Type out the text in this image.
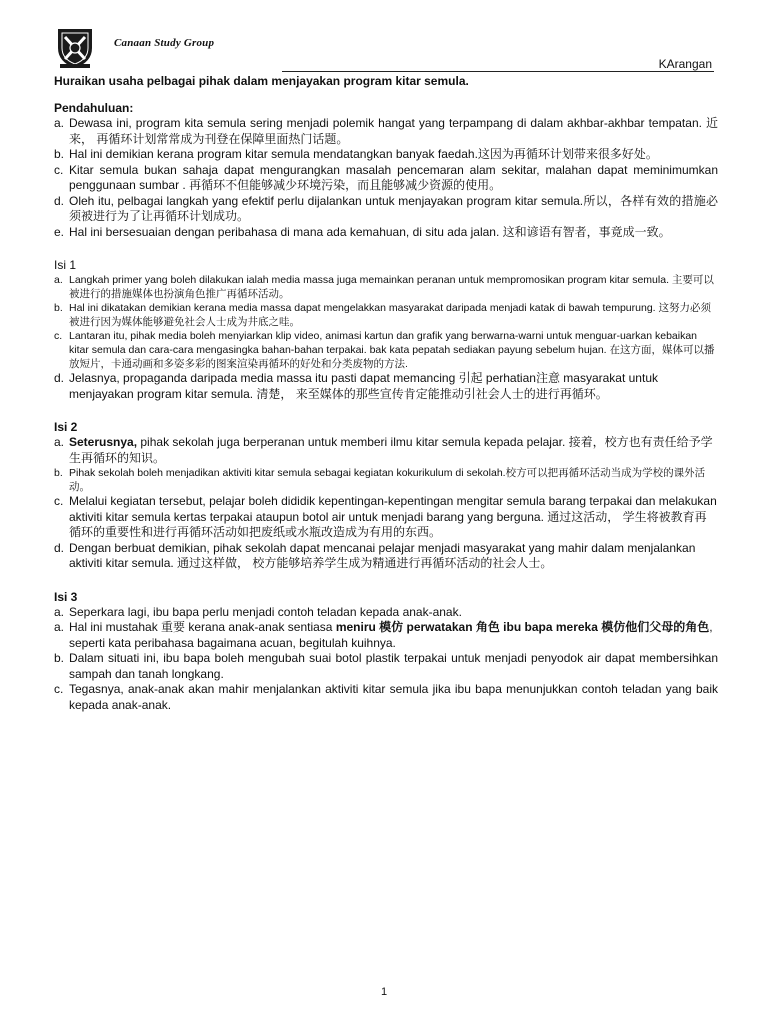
Canaan Study Group
KArangan
Huraikan usaha pelbagai pihak dalam menjayakan program kitar semula.
Pendahuluan:
a. Dewasa ini, program kita semula sering menjadi polemik hangat yang terpampang di dalam akhbar-akhbar tempatan. 近来， 再循环计划常常成为刊登在保障里面热门话题。
b. Hal ini demikian kerana program kitar semula mendatangkan banyak faedah.这因为再循环计划带来很多好处。
c. Kitar semula bukan sahaja dapat mengurangkan masalah pencemaran alam sekitar, malahan dapat meminimumkan penggunaan sumbar . 再循环不但能够减少环境污染，而且能够减少资源的使用。
d. Oleh itu, pelbagai langkah yang efektif perlu dijalankan untuk menjayakan program kitar semula.所以，各样有效的措施必须被进行为了让再循环计划成功。
e. Hal ini bersesuaian dengan peribahasa di mana ada kemahuan, di situ ada jalan. 这和谚语有智者，事竟成一致。
Isi 1
a. Langkah primer yang boleh dilakukan ialah media massa juga memainkan peranan untuk mempromosikan program kitar semula. 主要可以被进行的措施媒体也扮演角色推广再循环活动。
b. Hal ini dikatakan demikian kerana media massa dapat mengelakkan masyarakat daripada menjadi katak di bawah tempurung. 这努力必须被进行因为媒体能够避免社会人士成为井底之哇。
c. Lantaran itu, pihak media boleh menyiarkan klip video, animasi kartun dan grafik yang berwarna-warni untuk menguar-uarkan kebaikan kitar semula dan cara-cara mengasingka bahan-bahan terpakai. bak kata pepatah sediakan payung sebelum hujan. 在这方面，媒体可以播放短片，卡通动画和多姿多彩的图案渲染再循环的好处和分类废物的方法.
d. Jelasnya, propaganda daripada media massa itu pasti dapat memancing 引起 perhatian注意 masyarakat untuk menjayakan program kitar semula. 清楚， 来至媒体的那些宣传肯定能推动引社会人士的进行再循环。
Isi 2
a. Seterusnya, pihak sekolah juga berperanan untuk memberi ilmu kitar semula kepada pelajar. 接着，校方也有责任给予学生再循环的知识。
b. Pihak sekolah boleh menjadikan aktiviti kitar semula sebagai kegiatan kokurikulum di sekolah.校方可以把再循环活动当成为学校的课外活动。
c. Melalui kegiatan tersebut, pelajar boleh dididik kepentingan-kepentingan mengitar semula barang terpakai dan melakukan aktiviti kitar semula kertas terpakai ataupun botol air untuk menjadi barang yang berguna. 通过这活动， 学生将被教育再循环的重要性和进行再循环活动如把废纸或水瓶改造成为有用的东西。
d. Dengan berbuat demikian, pihak sekolah dapat mencanai pelajar menjadi masyarakat yang mahir dalam menjalankan aktiviti kitar semula. 通过这样做， 校方能够培养学生成为精通进行再循环活动的社会人士。
Isi 3
a. Seperkara lagi, ibu bapa perlu menjadi contoh teladan kepada anak-anak.
a. Hal ini mustahak 重要 kerana anak-anak sentiasa meniru 模仿 perwatakan 角色 ibu bapa mereka 模仿他们父母的角色, seperti kata peribahasa bagaimana acuan, begitulah kuihnya.
b. Dalam situati ini, ibu bapa boleh mengubah suai botol plastik terpakai untuk menjadi penyodok air dapat membersihkan sampah dan tanah longkang.
c. Tegasnya, anak-anak akan mahir menjalankan aktiviti kitar semula jika ibu bapa menunjukkan contoh teladan yang baik kepada anak-anak.
1
